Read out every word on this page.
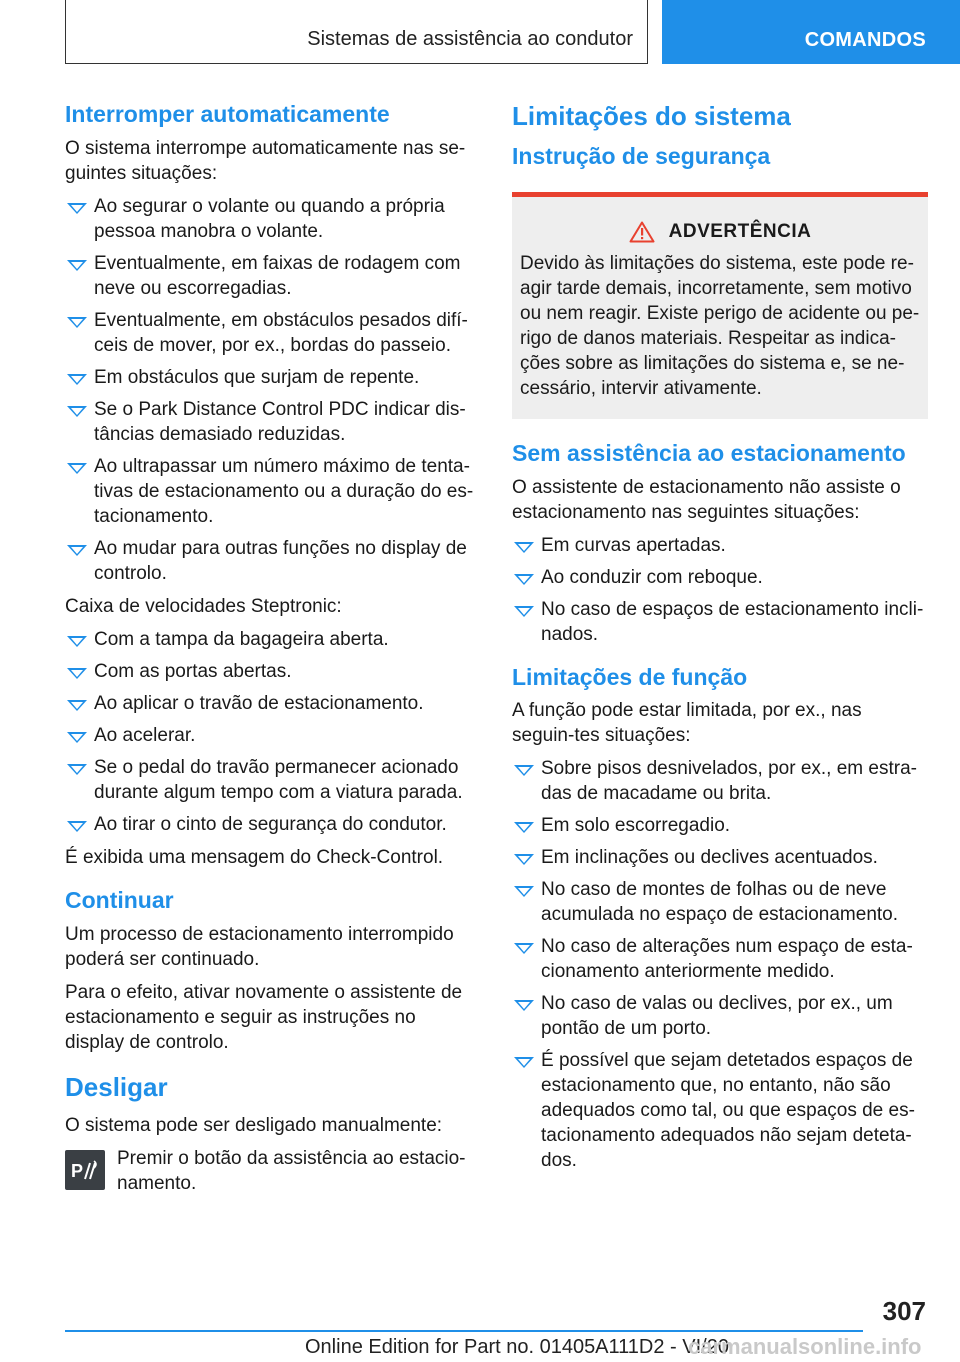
Sistemas de assistência ao condutor	COMANDOS
Interromper automaticamente

O sistema interrompe automaticamente nas se-guintes situações:

Ao segurar o volante ou quando a própria pessoa manobra o volante.
Eventualmente, em faixas de rodagem com neve ou escorregadias.
Eventualmente, em obstáculos pesados difí-ceis de mover, por ex., bordas do passeio.
Em obstáculos que surjam de repente.
Se o Park Distance Control PDC indicar dis-tâncias demasiado reduzidas.
Ao ultrapassar um número máximo de tenta-tivas de estacionamento ou a duração do es-tacionamento.
Ao mudar para outras funções no display de controlo.

Caixa de velocidades Steptronic:

Com a tampa da bagageira aberta.
Com as portas abertas.
Ao aplicar o travão de estacionamento.
Ao acelerar.
Se o pedal do travão permanecer acionado durante algum tempo com a viatura parada.
Ao tirar o cinto de segurança do condutor.

É exibida uma mensagem do Check-Control.

Continuar

Um processo de estacionamento interrompido poderá ser continuado.

Para o efeito, ativar novamente o assistente de estacionamento e seguir as instruções no display de controlo.

Desligar

O sistema pode ser desligado manualmente:

P

Premir o botão da assistência ao estacio-namento.

Limitações do sistema
Instrução de segurança
ADVERTÊNCIA

Devido às limitações do sistema, este pode re-agir tarde demais, incorretamente, sem motivo ou nem reagir. Existe perigo de acidente ou pe-rigo de danos materiais. Respeitar as indica-ções sobre as limitações do sistema e, se ne-cessário, intervir ativamente.

Sem assistência ao estacionamento

O assistente de estacionamento não assiste o estacionamento nas seguintes situações:

Em curvas apertadas.
Ao conduzir com reboque.
No caso de espaços de estacionamento incli-nados.
Limitações de função

A função pode estar limitada, por ex., nas seguin-tes situações:

Sobre pisos desnivelados, por ex., em estra-das de macadame ou brita.
Em solo escorregadio.
Em inclinações ou declives acentuados.
No caso de montes de folhas ou de neve acumulada no espaço de estacionamento.
No caso de alterações num espaço de esta-cionamento anteriormente medido.
No caso de valas ou declives, por ex., um pontão de um porto.
É possível que sejam detetados espaços de estacionamento que, no entanto, não são adequados como tal, ou que espaços de es-tacionamento adequados não sejam deteta-dos.
307
Online Edition for Part no. 01405A111D2 - VI/20
carmanualsonline.info
